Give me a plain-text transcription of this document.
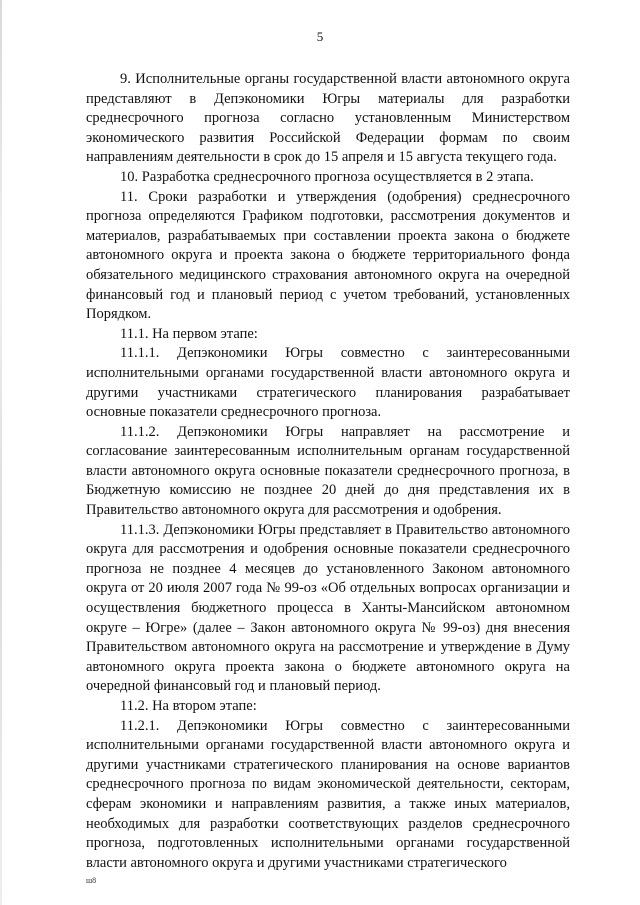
5

9. Исполнительные органы государственной власти автономного округа представляют в Депэкономики Югры материалы для разработки среднесрочного прогноза согласно установленным Министерством экономического развития Российской Федерации формам по своим направлениям деятельности в срок до 15 апреля и 15 августа текущего года.

10. Разработка среднесрочного прогноза осуществляется в 2 этапа.

11. Сроки разработки и утверждения (одобрения) среднесрочного прогноза определяются Графиком подготовки, рассмотрения документов и материалов, разрабатываемых при составлении проекта закона о бюджете автономного округа и проекта закона о бюджете территориального фонда обязательного медицинского страхования автономного округа на очередной финансовый год и плановый период с учетом требований, установленных Порядком.

11.1. На первом этапе:

11.1.1. Депэкономики Югры совместно с заинтересованными исполнительными органами государственной власти автономного округа и другими участниками стратегического планирования разрабатывает основные показатели среднесрочного прогноза.

11.1.2. Депэкономики Югры направляет на рассмотрение и согласование заинтересованным исполнительным органам государственной власти автономного округа основные показатели среднесрочного прогноза, в Бюджетную комиссию не позднее 20 дней до дня представления их в Правительство автономного округа для рассмотрения и одобрения.

11.1.3. Депэкономики Югры представляет в Правительство автономного округа для рассмотрения и одобрения основные показатели среднесрочного прогноза не позднее 4 месяцев до установленного Законом автономного округа от 20 июля 2007 года № 99-оз «Об отдельных вопросах организации и осуществления бюджетного процесса в Ханты-Мансийском автономном округе – Югре» (далее – Закон автономного округа № 99-оз) дня внесения Правительством автономного округа на рассмотрение и утверждение в Думу автономного округа проекта закона о бюджете автономного округа на очередной финансовый год и плановый период.

11.2. На втором этапе:

11.2.1. Депэкономики Югры совместно с заинтересованными исполнительными органами государственной власти автономного округа и другими участниками стратегического планирования на основе вариантов среднесрочного прогноза по видам экономической деятельности, секторам, сферам экономики и направлениям развития, а также иных материалов, необходимых для разработки соответствующих разделов среднесрочного прогноза, подготовленных исполнительными органами государственной власти автономного округа и другими участниками стратегического

ш8
